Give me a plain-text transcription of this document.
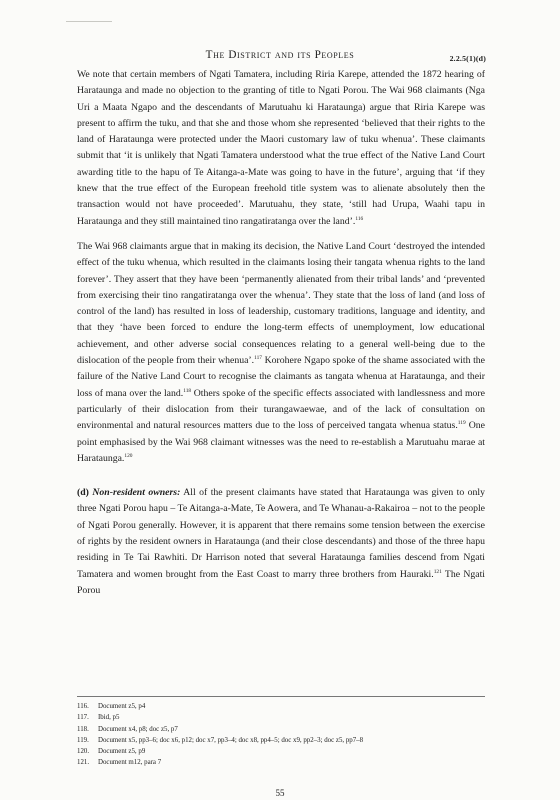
The District and its Peoples	2.2.5(1)(d)

We note that certain members of Ngati Tamatera, including Riria Karepe, attended the 1872 hearing of Harataunga and made no objection to the granting of title to Ngati Porou. The Wai 968 claimants (Nga Uri a Maata Ngapo and the descendants of Marutuahu ki Harataunga) argue that Riria Karepe was present to affirm the tuku, and that she and those whom she represented ‘believed that their rights to the land of Harataunga were protected under the Maori customary law of tuku whenua’. These claimants submit that ‘it is unlikely that Ngati Tamatera understood what the true effect of the Native Land Court awarding title to the hapu of Te Aitanga-a-Mate was going to have in the future’, arguing that ‘if they knew that the true effect of the European freehold title system was to alienate absolutely then the transaction would not have proceeded’. Marutuahu, they state, ‘still had Urupa, Waahi tapu in Harataunga and they still maintained tino rangatiratanga over the land’.$^{116}$

The Wai 968 claimants argue that in making its decision, the Native Land Court ‘destroyed the intended effect of the tuku whenua, which resulted in the claimants losing their tangata whenua rights to the land forever’. They assert that they have been ‘permanently alienated from their tribal lands’ and ‘prevented from exercising their tino rangatiratanga over the whenua’. They state that the loss of land (and loss of control of the land) has resulted in loss of leadership, customary traditions, language and identity, and that they ‘have been forced to endure the long-term effects of unemployment, low educational achievement, and other adverse social consequences relating to a general well-being due to the dislocation of the people from their whenua’.$^{117}$ Korohere Ngapo spoke of the shame associated with the failure of the Native Land Court to recognise the claimants as tangata whenua at Harataunga, and their loss of mana over the land.$^{118}$ Others spoke of the specific effects associated with landlessness and more particularly of their dislocation from their turangawaewae, and of the lack of consultation on environmental and natural resources matters due to the loss of perceived tangata whenua status.$^{119}$ One point emphasised by the Wai 968 claimant witnesses was the need to re-establish a Marutuahu marae at Harataunga.$^{120}$

(d) Non-resident owners: All of the present claimants have stated that Harataunga was given to only three Ngati Porou hapu – Te Aitanga-a-Mate, Te Aowera, and Te Whanau-a-Rakairoa – not to the people of Ngati Porou generally. However, it is apparent that there remains some tension between the exercise of rights by the resident owners in Harataunga (and their close descendants) and those of the three hapu residing in Te Tai Rawhiti. Dr Harrison noted that several Harataunga families descend from Ngati Tamatera and women brought from the East Coast to marry three brothers from Hauraki.$^{121}$ The Ngati Porou

116.	Document z5, p4
117.	Ibid, p5
118.	Document x4, p8; doc z5, p7
119.	Document x5, pp3–6; doc x6, p12; doc x7, pp3–4; doc x8, pp4–5; doc x9, pp2–3; doc z5, pp7–8
120.	Document z5, p9
121.	Document m12, para 7
55
